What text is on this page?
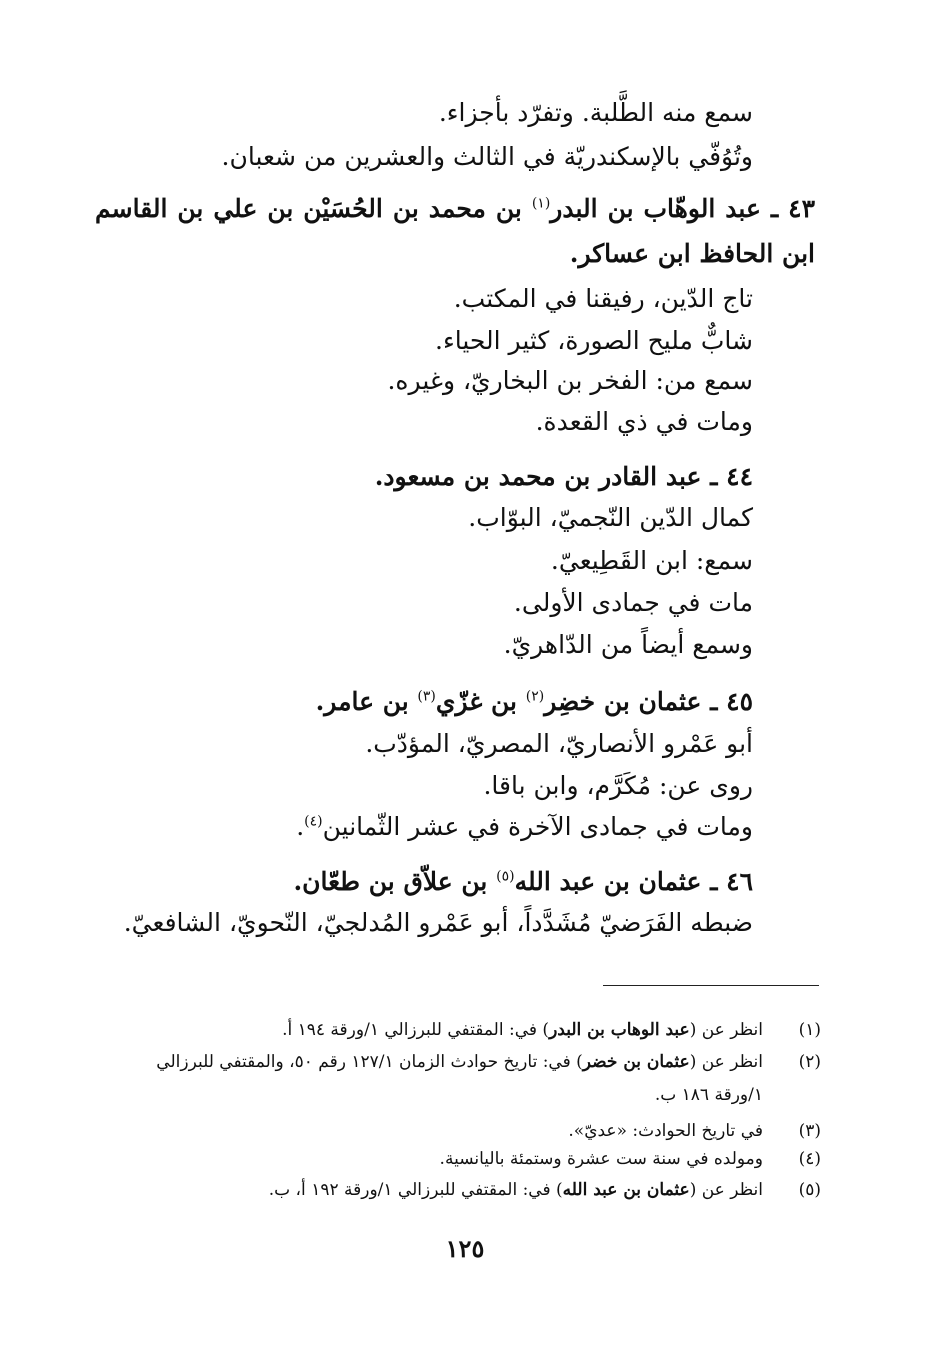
سمع منه الطَّلبة. وتفرّد بأجزاء.
وتُوُفّي بالإسكندريّة في الثالث والعشرين من شعبان.
٤٣ ـ عبد الوهّاب بن البدر$^{(١)}$ بن محمد بن الحُسَيْن بن علي بن القاسم
ابن الحافظ ابن عساكر.
تاج الدّين، رفيقنا في المكتب.
شابٌّ مليح الصورة، كثير الحياء.
سمع من: الفخر بن البخاريّ، وغيره.
ومات في ذي القعدة.
٤٤ ـ عبد القادر بن محمد بن مسعود.
كمال الدّين النّجميّ، البوّاب.
سمع: ابن القَطِيعيّ.
مات في جمادى الأولى.
وسمع أيضاً من الدّاهريّ.
٤٥ ـ عثمان بن خضِر$^{(٢)}$ بن غزّي$^{(٣)}$ بن عامر.
أبو عَمْرو الأنصاريّ، المصريّ، المؤدّب.
روى عن: مُكَرَّم، وابن باقا.
ومات في جمادى الآخرة في عشر الثّمانين$^{(٤)}$.
٤٦ ـ عثمان بن عبد الله$^{(٥)}$ بن علاّق بن طعّان.
ضبطه الفَرَضيّ مُشَدَّداً، أبو عَمْرو المُدلجيّ، النّحويّ، الشافعيّ.
(١)
انظر عن (عبد الوهاب بن البدر) في: المقتفي للبرزالي ١/ورقة ١٩٤ أ.
(٢)
انظر عن (عثمان بن خضر) في: تاريخ حوادث الزمان ١٢٧/١ رقم ٥٠، والمقتفي للبرزالي
١/ورقة ١٨٦ ب.
(٣)
في تاريخ الحوادث: «عديّ».
(٤)
ومولده في سنة ست عشرة وستمئة باليانسية.
(٥)
انظر عن (عثمان بن عبد الله) في: المقتفي للبرزالي ١/ورقة ١٩٢ أ، ب.
١٢٥
